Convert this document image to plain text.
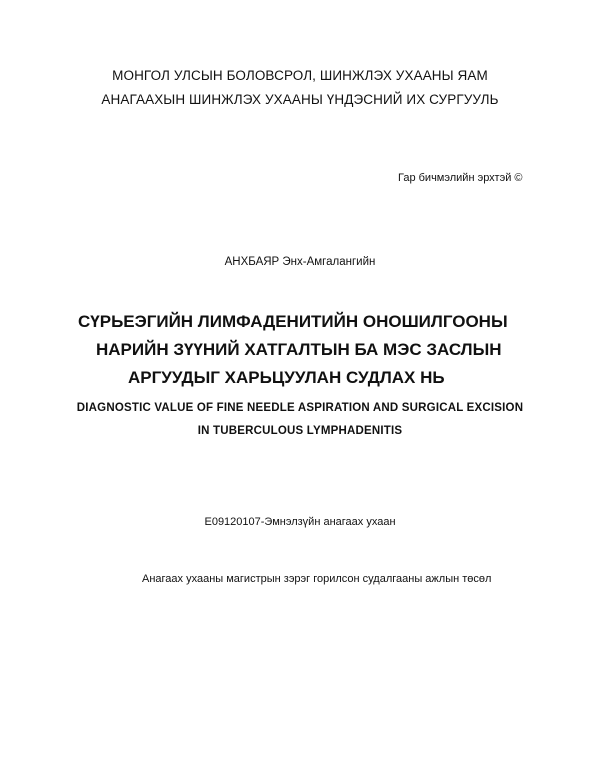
МОНГОЛ УЛСЫН БОЛОВСРОЛ, ШИНЖЛЭХ УХААНЫ ЯАМ
АНАГААХЫН ШИНЖЛЭХ УХААНЫ ҮНДЭСНИЙ ИХ СУРГУУЛЬ
Гар бичмэлийн эрхтэй ©
АНХБАЯР Энх-Амгалангийн
СҮРЬЕЭГИЙН ЛИМФАДЕНИТИЙН ОНОШИЛГООНЫ
НАРИЙН ЗҮҮНИЙ ХАТГАЛТЫН БА МЭС ЗАСЛЫН
АРГУУДЫГ ХАРЬЦУУЛАН СУДЛАХ НЬ
DIAGNOSTIC VALUE OF FINE NEEDLE ASPIRATION AND SURGICAL EXCISION
IN TUBERCULOUS LYMPHADENITIS
E09120107-Эмнэлзүйн анагаах ухаан
Анагаах ухааны магистрын зэрэг горилсон судалгааны ажлын төсөл
